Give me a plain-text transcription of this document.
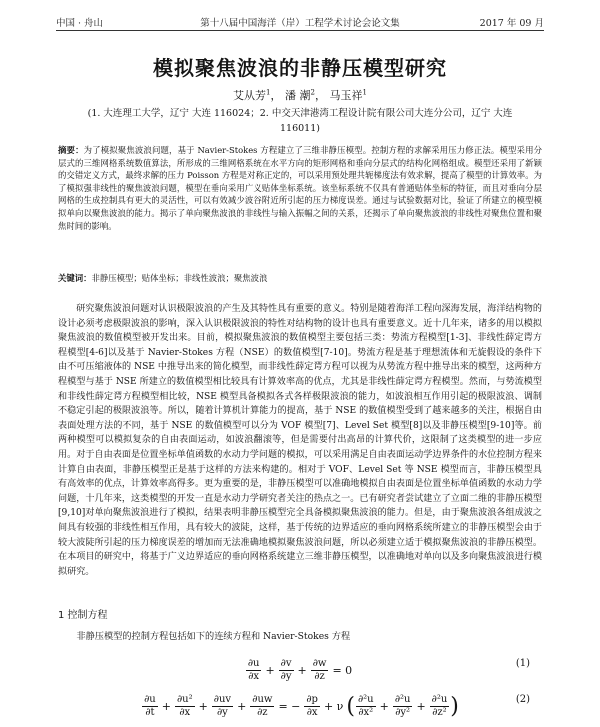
中国 · 舟山	第十八届中国海洋（岸）工程学术讨论会论文集	2017 年 09 月
模拟聚焦波浪的非静压模型研究
艾从芳$^1$， 潘 潮$^2$， 马玉祥$^1$
(1. 大连理工大学，辽宁 大连 116024；2. 中交天津港湾工程设计院有限公司大连分公司，辽宁 大连
116011)
摘要：为了模拟聚焦波浪问题，基于 Navier-Stokes 方程建立了三维非静压模型。控制方程的求解采用压力修正法。模型采用分层式的三维网格系统数值算法，所形成的三维网格系统在水平方向的矩形网格和垂向分层式的结构化网格组成。模型还采用了新颖的交错定义方式，最终求解的压力 Poisson 方程是对称正定的，可以采用预处理共轭梯度法有效求解，提高了模型的计算效率。为了模拟强非线性的聚焦波浪问题，模型在垂向采用广义贴体坐标系统。该坐标系统不仅具有普通贴体坐标的特征，而且对垂向分层网格的生成控制具有更大的灵活性，可以有效减少波谷附近所引起的压力梯度误差。通过与试验数据对比，验证了所建立的模型模拟单向以聚焦波浪的能力。揭示了单向聚焦波浪的非线性与输入振幅之间的关系，还揭示了单向聚焦波浪的非线性对聚焦位置和聚焦时间的影响。
关键词：非静压模型；贴体坐标；非线性波浪；聚焦波浪
研究聚焦波浪问题对认识极限波浪的产生及其特性具有重要的意义。特别是随着海洋工程向深海发展，海洋结构物的设计必须考虑极限波浪的影响，深入认识极限波浪的特性对结构物的设计也具有重要意义。近十几年来，诸多的用以模拟聚焦波浪的数值模型被开发出来。目前，模拟聚焦波浪的数值模型主要包括三类：势流方程模型[1-3]、非线性薛定谔方程模型[4-6]以及基于 Navier-Stokes 方程（NSE）的数值模型[7-10]。势流方程是基于理想流体和无旋假设的条件下由不可压缩液体的 NSE 中推导出来的简化模型，而非线性薛定谔方程可以视为从势流方程中推导出来的模型，这两种方程模型与基于 NSE 所建立的数值模型相比较具有计算效率高的优点，尤其是非线性薛定谔方程模型。然而，与势流模型和非线性薛定谔方程模型相比较，NSE 模型具备模拟各式各样极限波浪的能力，如波浪相互作用引起的极限波浪、调制不稳定引起的极限波浪等。所以，随着计算机计算能力的提高，基于 NSE 的数值模型受到了越来越多的关注，根据自由表面处理方法的不同，基于 NSE 的数值模型可以分为 VOF 模型[7]、Level Set 模型[8]以及非静压模型[9-10]等。前两种模型可以模拟复杂的自由表面运动，如波浪翻滚等，但是需要付出高昂的计算代价，这限制了这类模型的进一步应用。对于自由表面是位置坐标单值函数的水动力学问题的模拟，可以采用满足自由表面运动学边界条件的水位控制方程来计算自由表面，非静压模型正是基于这样的方法来构建的。相对于 VOF、Level Set 等 NSE 模型而言，非静压模型具有高效率的优点，计算效率高得多。更为重要的是，非静压模型可以准确地模拟自由表面是位置坐标单值函数的水动力学问题，十几年来，这类模型的开发一直是水动力学研究者关注的热点之一。已有研究者尝试建立了立面二维的非静压模型[9,10]对单向聚焦波浪进行了模拟，结果表明非静压模型完全具备模拟聚焦波浪的能力。但是，由于聚焦波浪各组成波之间具有较强的非线性相互作用，具有较大的波陡，这样，基于传统的边界适应的垂向网格系统所建立的非静压模型会由于较大波陡所引起的压力梯度误差的增加而无法准确地模拟聚焦波浪问题，所以必须建立适于模拟聚焦波浪的非静压模型。在本项目的研究中，将基于广义边界适应的垂向网格系统建立三维非静压模型，以准确地对单向以及多向聚焦波浪进行模拟研究。
1 控制方程
非静压模型的控制方程包括如下的连续方程和 Navier-Stokes 方程
$\frac{\partial u}{\partial x} + \frac{\partial v}{\partial y} + \frac{\partial w}{\partial z} = 0$
(1)
$\frac{\partial u}{\partial t} + \frac{\text{∂u²}}{\partial x} + \frac{\partial uv}{\partial y} + \frac{\partial uw}{\partial z}$ = − $\frac{\partial p}{\partial x} + \nu$ ( $\frac{\text{∂²u}}{\text{∂x²}} + \frac{\text{∂²u}}{\text{∂y²}} + \frac{\text{∂²u}}{\text{∂z²}}$ )	(2)
